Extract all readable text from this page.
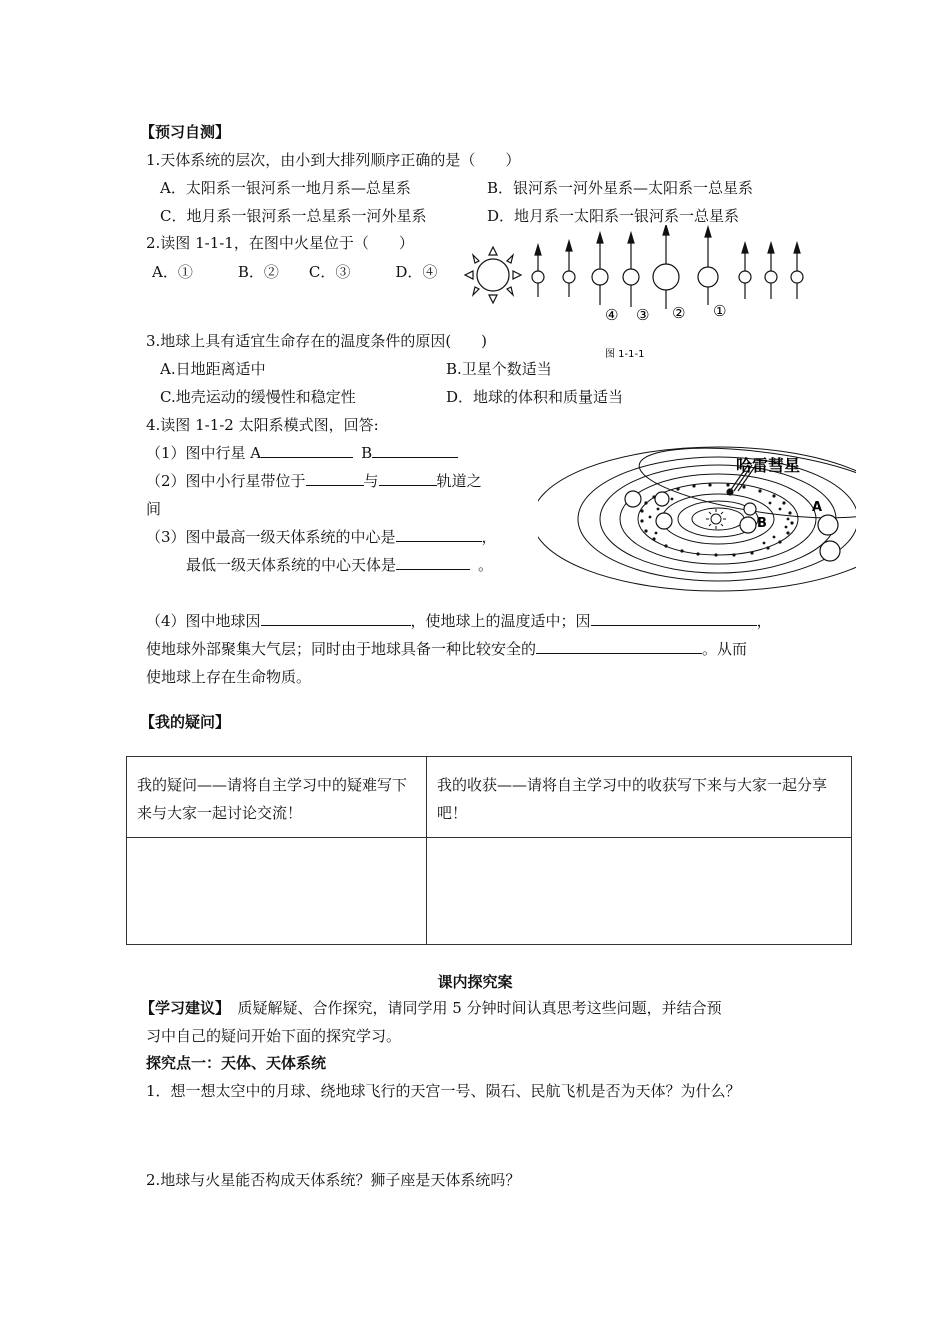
【预习自测】
1.天体系统的层次，由小到大排列顺序正确的是（　　）
A．太阳系一银河系一地月系—总星系	B．银河系一河外星系—太阳系一总星系
C．地月系一银河系一总星系一河外星系	D．地月系一太阳系一银河系一总星系
2.读图 1-1-1，在图中火星位于（　　）
A．①　　　B．②　　C．③　　　D．④
④ ③ ② ①
图 1-1-1
3.地球上具有适宜生命存在的温度条件的原因(　　)
A.日地距离适中	B.卫星个数适当
C.地壳运动的缓慢性和稳定性	D．地球的体积和质量适当
4.读图 1-1-2 太阳系模式图，回答:
（1）图中行星 A	B
（2）图中小行星带位于	与	轨道之
间
（3）图中最高一级天体系统的中心是	，
最低一级天体系统的中心天体是	。
哈雷彗星
B
A
（4）图中地球因	，使地球上的温度适中；因	，
使地球外部聚集大气层；同时由于地球具备一种比较安全的	。从而
使地球上存在生命物质。
【我的疑问】
我的疑问——请将自主学习中的疑难写下来与大家一起讨论交流！	我的收获——请将自主学习中的收获写下来与大家一起分享吧！

课内探究案
【学习建议】　质疑解疑、合作探究，请同学用 5 分钟时间认真思考这些问题，并结合预
习中自己的疑问开始下面的探究学习。
探究点一：天体、天体系统
1．想一想太空中的月球、绕地球飞行的天宫一号、陨石、民航飞机是否为天体？为什么？
2.地球与火星能否构成天体系统？狮子座是天体系统吗？
